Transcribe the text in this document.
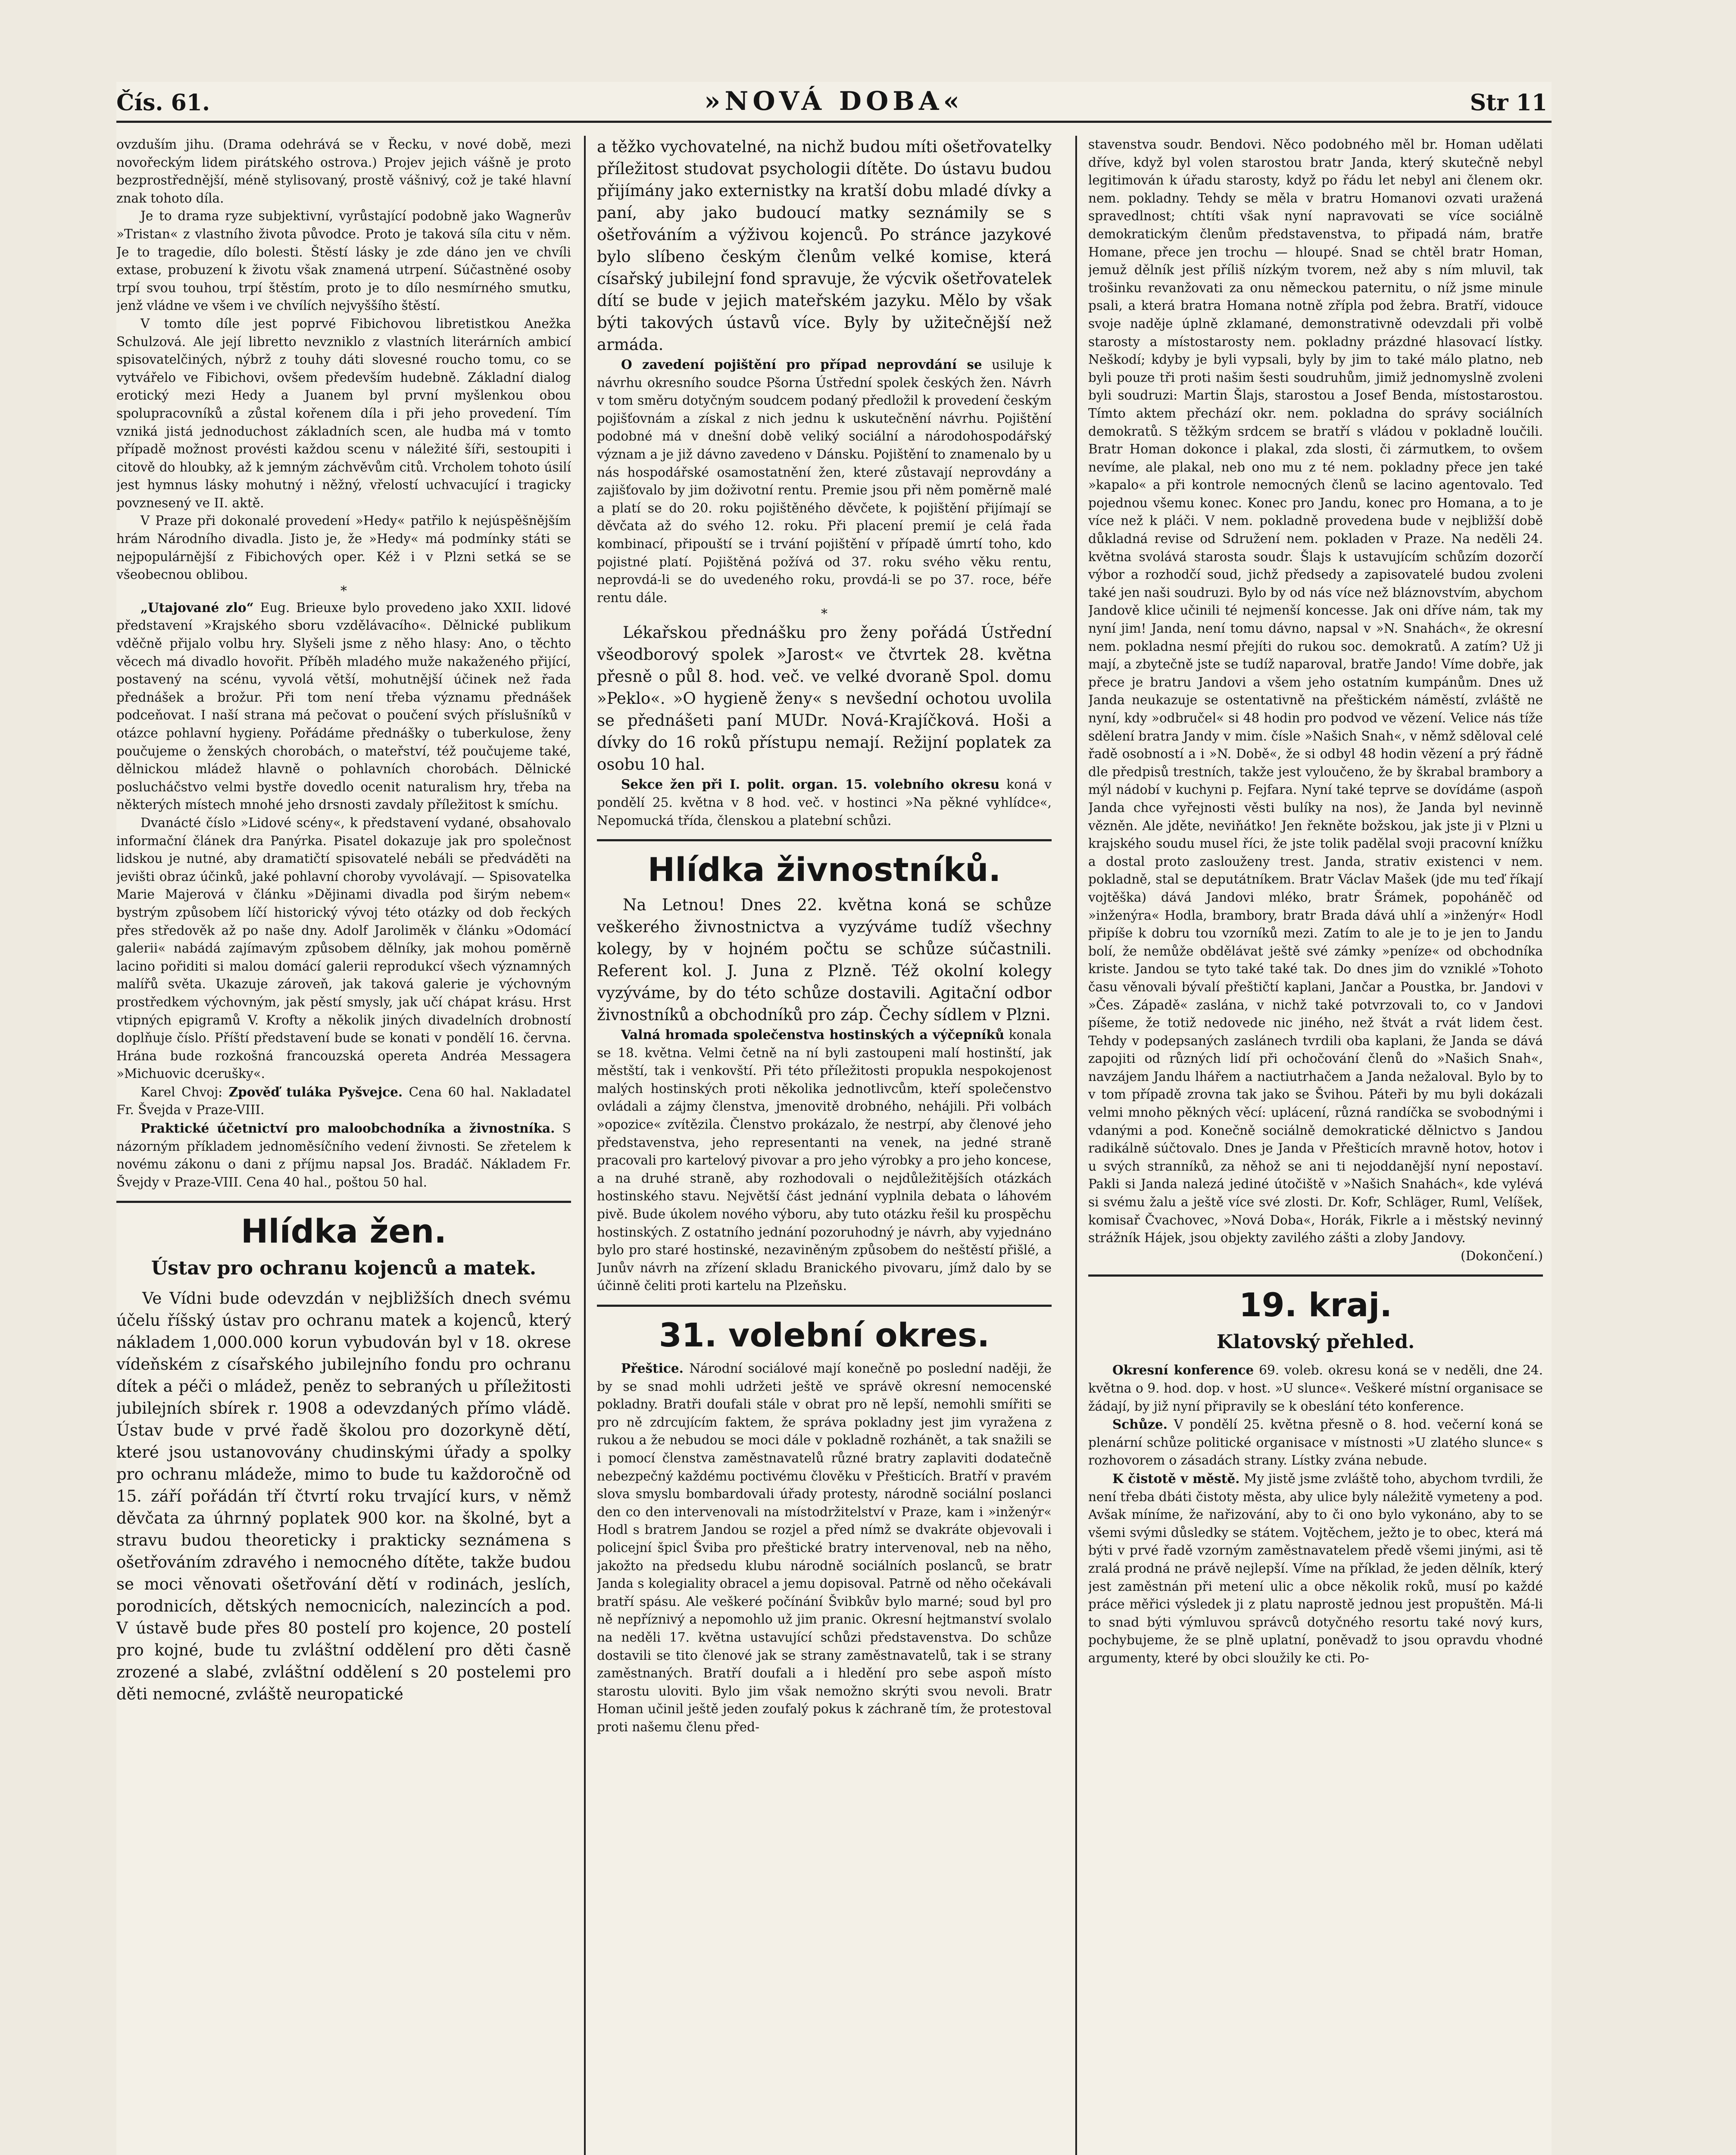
Čís. 61.	»NOVÁ DOBA«	Str 11

ovzduším jihu. (Drama odehrává se v Řecku, v nové době, mezi novořeckým lidem pirátského ostrova.) Projev jejich vášně je proto bezprostřednější, méně stylisovaný, prostě vášnivý, což je také hlavní znak tohoto díla.

Je to drama ryze subjektivní, vyrůstající podobně jako Wagnerův »Tristan« z vlastního života původce. Proto je taková síla citu v něm. Je to tragedie, dílo bolesti. Štěstí lásky je zde dáno jen ve chvíli extase, probuzení k životu však znamená utrpení. Súčastněné osoby trpí svou touhou, trpí štěstím, proto je to dílo nesmírného smutku, jenž vládne ve všem i ve chvílích nejvyššího štěstí.

V tomto díle jest poprvé Fibichovou libretistkou Anežka Schulzová. Ale její libretto nevzniklo z vlastních literárních ambicí spisovatelčiných, nýbrž z touhy dáti slovesné roucho tomu, co se vytvářelo ve Fibichovi, ovšem především hudebně. Základní dialog erotický mezi Hedy a Juanem byl první myšlenkou obou spolupracovníků a zůstal kořenem díla i při jeho provedení. Tím vzniká jistá jednoduchost základních scen, ale hudba má v tomto případě možnost provésti každou scenu v náležité šíři, sestoupiti i citově do hloubky, až k jemným záchvěvům citů. Vrcholem tohoto úsilí jest hymnus lásky mohutný i něžný, vřelostí uchvacující i tragicky povznesený ve II. aktě.

V Praze při dokonalé provedení »Hedy« patřilo k nejúspěšnějším hrám Národního divadla. Jisto je, že »Hedy« má podmínky státi se nejpopulárnější z Fibichových oper. Kéž i v Plzni setká se se všeobecnou oblibou.

*

„Utajované zlo“ Eug. Brieuxe bylo provedeno jako XXII. lidové představení »Krajského sboru vzdělávacího«. Dělnické publikum vděčně přijalo volbu hry. Slyšeli jsme z něho hlasy: Ano, o těchto věcech má divadlo hovořit. Příběh mladého muže nakaženého přijící, postavený na scénu, vyvolá větší, mohutnější účinek než řada přednášek a brožur. Při tom není třeba významu přednášek podceňovat. I naší strana má pečovat o poučení svých příslušníků v otázce pohlavní hygieny. Pořádáme přednášky o tuberkulose, ženy poučujeme o ženských chorobách, o mateřství, též poučujeme také, dělnickou mládež hlavně o pohlavních chorobách. Dělnické poslucháčstvo velmi bystře dovedlo ocenit naturalism hry, třeba na některých místech mnohé jeho drsnosti zavdaly příležitost k smíchu.

Dvanácté číslo »Lidové scény«, k představení vydané, obsahovalo informační článek dra Panýrka. Pisatel dokazuje jak pro společnost lidskou je nutné, aby dramatičtí spisovatelé nebáli se předváděti na jevišti obraz účinků, jaké pohlavní choroby vyvolávají. — Spisovatelka Marie Majerová v článku »Dějinami divadla pod širým nebem« bystrým způsobem líčí historický vývoj této otázky od dob řeckých přes středověk až po naše dny. Adolf Jaroliměk v článku »Odomácí galerii« nabádá zajímavým způsobem dělníky, jak mohou poměrně lacino pořiditi si malou domácí galerii reprodukcí všech významných malířů světa. Ukazuje zároveň, jak taková galerie je výchovným prostředkem výchovným, jak pěstí smysly, jak učí chápat krásu. Hrst vtipných epigramů V. Krofty a několik jiných divadelních drobností doplňuje číslo. Příští představení bude se konati v pondělí 16. června. Hrána bude rozkošná francouzská opereta Andréa Messagera »Michuovic dcerušky«.

Karel Chvoj: Zpověď tuláka Pyšvejce. Cena 60 hal. Nakladatel Fr. Švejda v Praze-VIII.

Praktické účetnictví pro maloobchodníka a živnostníka. S názorným příkladem jednoměsíčního vedení živnosti. Se zřetelem k novému zákonu o dani z příjmu napsal Jos. Bradáč. Nákladem Fr. Švejdy v Praze-VIII. Cena 40 hal., poštou 50 hal.

Hlídka žen.
Ústav pro ochranu kojenců a matek.

Ve Vídni bude odevzdán v nejbližších dnech svému účelu říšský ústav pro ochranu matek a kojenců, který nákladem 1,000.000 korun vybudován byl v 18. okrese vídeňském z císařského jubilejního fondu pro ochranu dítek a péči o mládež, peněz to sebraných u příležitosti jubilejních sbírek r. 1908 a odevzdaných přímo vládě. Ústav bude v prvé řadě školou pro dozorkyně dětí, které jsou ustanovovány chudinskými úřady a spolky pro ochranu mládeže, mimo to bude tu každoročně od 15. září pořádán tří čtvrtí roku trvající kurs, v němž děvčata za úhrnný poplatek 900 kor. na školné, byt a stravu budou theoreticky i prakticky seznámena s ošetřováním zdravého i nemocného dítěte, takže budou se moci věnovati ošetřování dětí v rodinách, jeslích, porodnicích, dětských nemocnicích, nalezincích a pod. V ústavě bude přes 80 postelí pro kojence, 20 postelí pro kojné, bude tu zvláštní oddělení pro děti časně zrozené a slabé, zvláštní oddělení s 20 postelemi pro děti nemocné, zvláště neuropatické

a těžko vychovatelné, na nichž budou míti ošetřovatelky příležitost studovat psychologii dítěte. Do ústavu budou přijímány jako externistky na kratší dobu mladé dívky a paní, aby jako budoucí matky seznámily se s ošetřováním a výživou kojenců. Po stránce jazykové bylo slíbeno českým členům velké komise, která císařský jubilejní fond spravuje, že výcvik ošetřovatelek dítí se bude v jejich mateřském jazyku. Mělo by však býti takových ústavů více. Byly by užitečnější než armáda.

O zavedení pojištění pro případ neprovdání se usiluje k návrhu okresního soudce Pšorna Ústřední spolek českých žen. Návrh v tom směru dotyčným soudcem podaný předložil k provedení českým pojišťovnám a získal z nich jednu k uskutečnění návrhu. Pojištění podobné má v dnešní době veliký sociální a národohospodářský význam a je již dávno zavedeno v Dánsku. Pojištění to znamenalo by u nás hospodářské osamostatnění žen, které zůstavají neprovdány a zajišťovalo by jim doživotní rentu. Premie jsou při něm poměrně malé a platí se do 20. roku pojištěného děvčete, k pojištění přijímají se děvčata až do svého 12. roku. Při placení premií je celá řada kombinací, připouští se i trvání pojištění v případě úmrtí toho, kdo pojistné platí. Pojištěná požívá od 37. roku svého věku rentu, neprovdá-li se do uvedeného roku, provdá-li se po 37. roce, béře rentu dále.

*

Lékařskou přednášku pro ženy pořádá Ústřední všeodborový spolek »Jarost« ve čtvrtek 28. května přesně o půl 8. hod. več. ve velké dvoraně Spol. domu »Peklo«. »O hygieně ženy« s nevšední ochotou uvolila se přednášeti paní MUDr. Nová-Krajíčková. Hoši a dívky do 16 roků přístupu nemají. Režijní poplatek za osobu 10 hal.

Sekce žen při I. polit. organ. 15. volebního okresu koná v pondělí 25. května v 8 hod. več. v hostinci »Na pěkné vyhlídce«, Nepomucká třída, členskou a platební schůzi.

Hlídka živnostníků.

Na Letnou! Dnes 22. května koná se schůze veškerého živnostnictva a vyzýváme tudíž všechny kolegy, by v hojném počtu se schůze súčastnili. Referent kol. J. Juna z Plzně. Též okolní kolegy vyzýváme, by do této schůze dostavili. Agitační odbor živnostníků a obchodníků pro záp. Čechy sídlem v Plzni.

Valná hromada společenstva hostinských a výčepníků konala se 18. května. Velmi četně na ní byli zastoupeni malí hostinští, jak městští, tak i venkovští. Při této příležitosti propukla nespokojenost malých hostinských proti několika jednotlivcům, kteří společenstvo ovládali a zájmy členstva, jmenovitě drobného, nehájili. Při volbách »opozice« zvítězila. Členstvo prokázalo, že nestrpí, aby členové jeho představenstva, jeho representanti na venek, na jedné straně pracovali pro kartelový pivovar a pro jeho výrobky a pro jeho koncese, a na druhé straně, aby rozhodovali o nejdůležitějších otázkách hostinského stavu. Největší část jednání vyplnila debata o láhovém pivě. Bude úkolem nového výboru, aby tuto otázku řešil ku prospěchu hostinských. Z ostatního jednání pozoruhodný je návrh, aby vyjednáno bylo pro staré hostinské, nezaviněným způsobem do neštěstí přišlé, a Junův návrh na zřízení skladu Branického pivovaru, jímž dalo by se účinně čeliti proti kartelu na Plzeňsku.

31. volební okres.

Přeštice. Národní sociálové mají konečně po poslední naději, že by se snad mohli udržeti ještě ve správě okresní nemocenské pokladny. Bratři doufali stále v obrat pro ně lepší, nemohli smířiti se pro ně zdrcujícím faktem, že správa pokladny jest jim vyražena z rukou a že nebudou se moci dále v pokladně rozhánět, a tak snažili se i pomocí členstva zaměstnavatelů různé bratry zaplaviti dodatečně nebezpečný každému poctivému člověku v Přešticích. Bratří v pravém slova smyslu bombardovali úřady protesty, národně sociální poslanci den co den intervenovali na místodržitelství v Praze, kam i »inženýr« Hodl s bratrem Jandou se rozjel a před nímž se dvakráte objevovali i policejní špicl Šviba pro přeštické bratry intervenoval, neb na něho, jakožto na předsedu klubu národně sociálních poslanců, se bratr Janda s kolegiality obracel a jemu dopisoval. Patrně od něho očekávali bratří spásu. Ale veškeré počínání Švibkův bylo marné; soud byl pro ně nepříznivý a nepomohlo už jim pranic. Okresní hejtmanství svolalo na neděli 17. května ustavující schůzi představenstva. Do schůze dostavili se tito členové jak se strany zaměstnavatelů, tak i se strany zaměstnaných. Bratří doufali a i hledění pro sebe aspoň místo starostu uloviti. Bylo jim však nemožno skrýti svou nevoli. Bratr Homan učinil ještě jeden zoufalý pokus k záchraně tím, že protestoval proti našemu členu před-

stavenstva soudr. Bendovi. Něco podobného měl br. Homan udělati dříve, když byl volen starostou bratr Janda, který skutečně nebyl legitimován k úřadu starosty, když po řádu let nebyl ani členem okr. nem. pokladny. Tehdy se měla v bratru Homanovi ozvati uražená spravedlnost; chtíti však nyní napravovati se více sociálně demokratickým členům představenstva, to připadá nám, bratře Homane, přece jen trochu — hloupé. Snad se chtěl bratr Homan, jemuž dělník jest příliš nízkým tvorem, než aby s ním mluvil, tak trošinku revanžovati za onu německou paternitu, o níž jsme minule psali, a která bratra Homana notně zřípla pod žebra. Bratří, vidouce svoje naděje úplně zklamané, demonstrativně odevzdali při volbě starosty a místostarosty nem. pokladny prázdné hlasovací lístky. Neškodí; kdyby je byli vypsali, byly by jim to také málo platno, neb byli pouze tři proti našim šesti soudruhům, jimiž jednomyslně zvoleni byli soudruzi: Martin Šlajs, starostou a Josef Benda, místostarostou. Tímto aktem přechází okr. nem. pokladna do správy sociálních demokratů. S těžkým srdcem se bratří s vládou v pokladně loučili. Bratr Homan dokonce i plakal, zda slosti, či zármutkem, to ovšem nevíme, ale plakal, neb ono mu z té nem. pokladny přece jen také »kapalo« a při kontrole nemocných členů se lacino agentovalo. Teď pojednou všemu konec. Konec pro Jandu, konec pro Homana, a to je více než k pláči. V nem. pokladně provedena bude v nejbližší době důkladná revise od Sdružení nem. pokladen v Praze. Na neděli 24. května svolává starosta soudr. Šlajs k ustavujícím schůzím dozorčí výbor a rozhodčí soud, jichž předsedy a zapisovatelé budou zvoleni také jen naši soudruzi. Bylo by od nás více než bláznovstvím, abychom Jandově klice učinili té nejmenší koncesse. Jak oni dříve nám, tak my nyní jim! Janda, není tomu dávno, napsal v »N. Snahách«, že okresní nem. pokladna nesmí přejíti do rukou soc. demokratů. A zatím? Už ji mají, a zbytečně jste se tudíž naparoval, bratře Jando! Víme dobře, jak přece je bratru Jandovi a všem jeho ostatním kumpánům. Dnes už Janda neukazuje se ostentativně na přeštickém náměstí, zvláště ne nyní, kdy »odbručel« si 48 hodin pro podvod ve vězení. Velice nás tíže sdělení bratra Jandy v mim. čísle »Našich Snah«, v němž sděloval celé řadě osobností a i »N. Době«, že si odbyl 48 hodin vězení a prý řádně dle předpisů trestních, takže jest vyloučeno, že by škrabal brambory a mýl nádobí v kuchyni p. Fejfara. Nyní také teprve se dovídáme (aspoň Janda chce vyřejnosti věsti bulíky na nos), že Janda byl nevinně vězněn. Ale jděte, neviňátko! Jen řekněte božskou, jak jste ji v Plzni u krajského soudu musel říci, že jste tolik padělal svoji pracovní knížku a dostal proto zaslouženy trest. Janda, strativ existenci v nem. pokladně, stal se deputátníkem. Bratr Václav Mašek (jde mu teď říkají vojtěška) dává Jandovi mléko, bratr Šrámek, popoháněč od »inženýra« Hodla, brambory, bratr Brada dává uhlí a »inženýr« Hodl připíše k dobru tou vzorníků mezi. Zatím to ale je to je jen to Jandu bolí, že nemůže obdělávat ještě své zámky »peníze« od obchodníka kriste. Jandou se tyto také také tak. Do dnes jim do vzniklé »Tohoto času věnovali bývalí přeštičtí kaplani, Jančar a Poustka, br. Jandovi v »Čes. Západě« zaslána, v nichž také potvrzovali to, co v Jandovi píšeme, že totiž nedovede nic jiného, než štvát a rvát lidem čest. Tehdy v podepsaných zaslánech tvrdili oba kaplani, že Janda se dává zapojiti od různých lidí při ochočování členů do »Našich Snah«, navzájem Jandu lhářem a nactiutrhačem a Janda nežaloval. Bylo by to v tom případě zrovna tak jako se Švihou. Páteři by mu byli dokázali velmi mnoho pěkných věcí: uplácení, různá randíčka se svobodnými i vdanými a pod. Konečně sociálně demokratické dělnictvo s Jandou radikálně súčtovalo. Dnes je Janda v Přešticích mravně hotov, hotov i u svých stranníků, za něhož se ani ti nejoddanější nyní nepostaví. Pakli si Janda nalezá jediné útočiště v »Našich Snahách«, kde vylévá si svému žalu a ještě více své zlosti. Dr. Kofr, Schläger, Ruml, Velíšek, komisař Čvachovec, »Nová Doba«, Horák, Fikrle a i městský nevinný strážník Hájek, jsou objekty zavilého zášti a zloby Jandovy.

(Dokončení.)
19. kraj.
Klatovský přehled.

Okresní konference 69. voleb. okresu koná se v neděli, dne 24. května o 9. hod. dop. v host. »U slunce«. Veškeré místní organisace se žádají, by již nyní připravily se k obeslání této konference.

Schůze. V pondělí 25. května přesně o 8. hod. večerní koná se plenární schůze politické organisace v místnosti »U zlatého slunce« s rozhovorem o zásadách strany. Lístky zvána nebude.

K čistotě v městě. My jistě jsme zvláště toho, abychom tvrdili, že není třeba dbáti čistoty města, aby ulice byly náležitě vymeteny a pod. Avšak míníme, že nařizování, aby to či ono bylo vykonáno, aby to se všemi svými důsledky se státem. Vojtěchem, ježto je to obec, která má býti v prvé řadě vzorným zaměstnavatelem předě všemi jinými, asi tě zralá prodná ne právě nejlepší. Víme na příklad, že jeden dělník, který jest zaměstnán při metení ulic a obce několik roků, musí po každé práce měřici výsledek ji z platu naprostě jednou jest propuštěn. Má-li to snad býti výmluvou správců dotyčného resortu také nový kurs, pochybujeme, že se plně uplatní, poněvadž to jsou opravdu vhodné argumenty, které by obci sloužily ke cti. Po-
